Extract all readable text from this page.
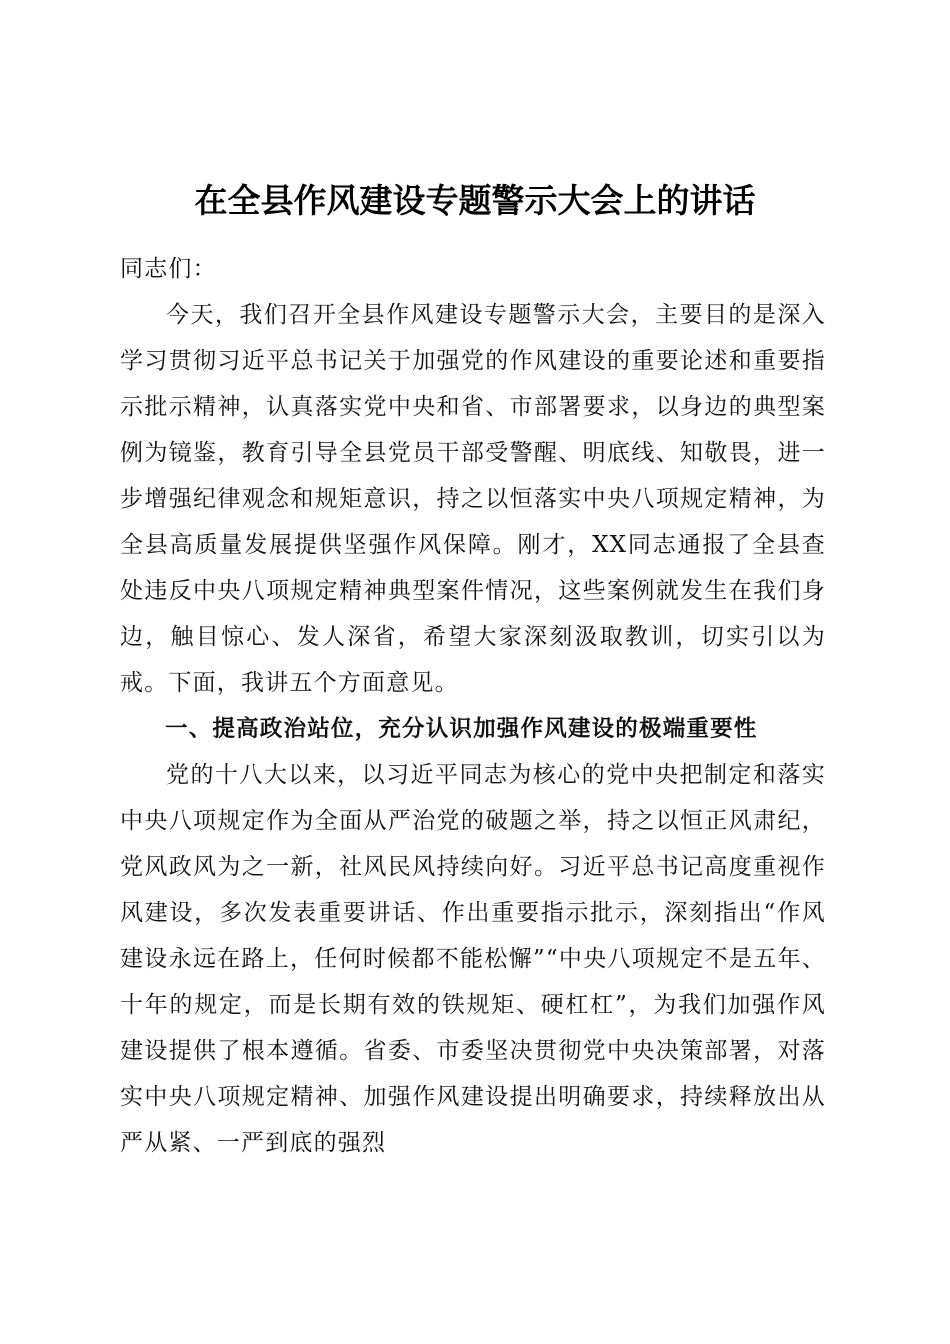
在全县作风建设专题警示大会上的讲话

同志们：

今天，我们召开全县作风建设专题警示大会，主要目的是深入学习贯彻习近平总书记关于加强党的作风建设的重要论述和重要指示批示精神，认真落实党中央和省、市部署要求，以身边的典型案例为镜鉴，教育引导全县党员干部受警醒、明底线、知敬畏，进一步增强纪律观念和规矩意识，持之以恒落实中央八项规定精神，为全县高质量发展提供坚强作风保障。刚才，XX同志通报了全县查处违反中央八项规定精神典型案件情况，这些案例就发生在我们身边，触目惊心、发人深省，希望大家深刻汲取教训，切实引以为戒。下面，我讲五个方面意见。

一、提高政治站位，充分认识加强作风建设的极端重要性

党的十八大以来，以习近平同志为核心的党中央把制定和落实中央八项规定作为全面从严治党的破题之举，持之以恒正风肃纪，党风政风为之一新，社风民风持续向好。习近平总书记高度重视作风建设，多次发表重要讲话、作出重要指示批示，深刻指出“作风建设永远在路上，任何时候都不能松懈”“中央八项规定不是五年、十年的规定，而是长期有效的铁规矩、硬杠杠”，为我们加强作风建设提供了根本遵循。省委、市委坚决贯彻党中央决策部署，对落实中央八项规定精神、加强作风建设提出明确要求，持续释放出从严从紧、一严到底的强烈
